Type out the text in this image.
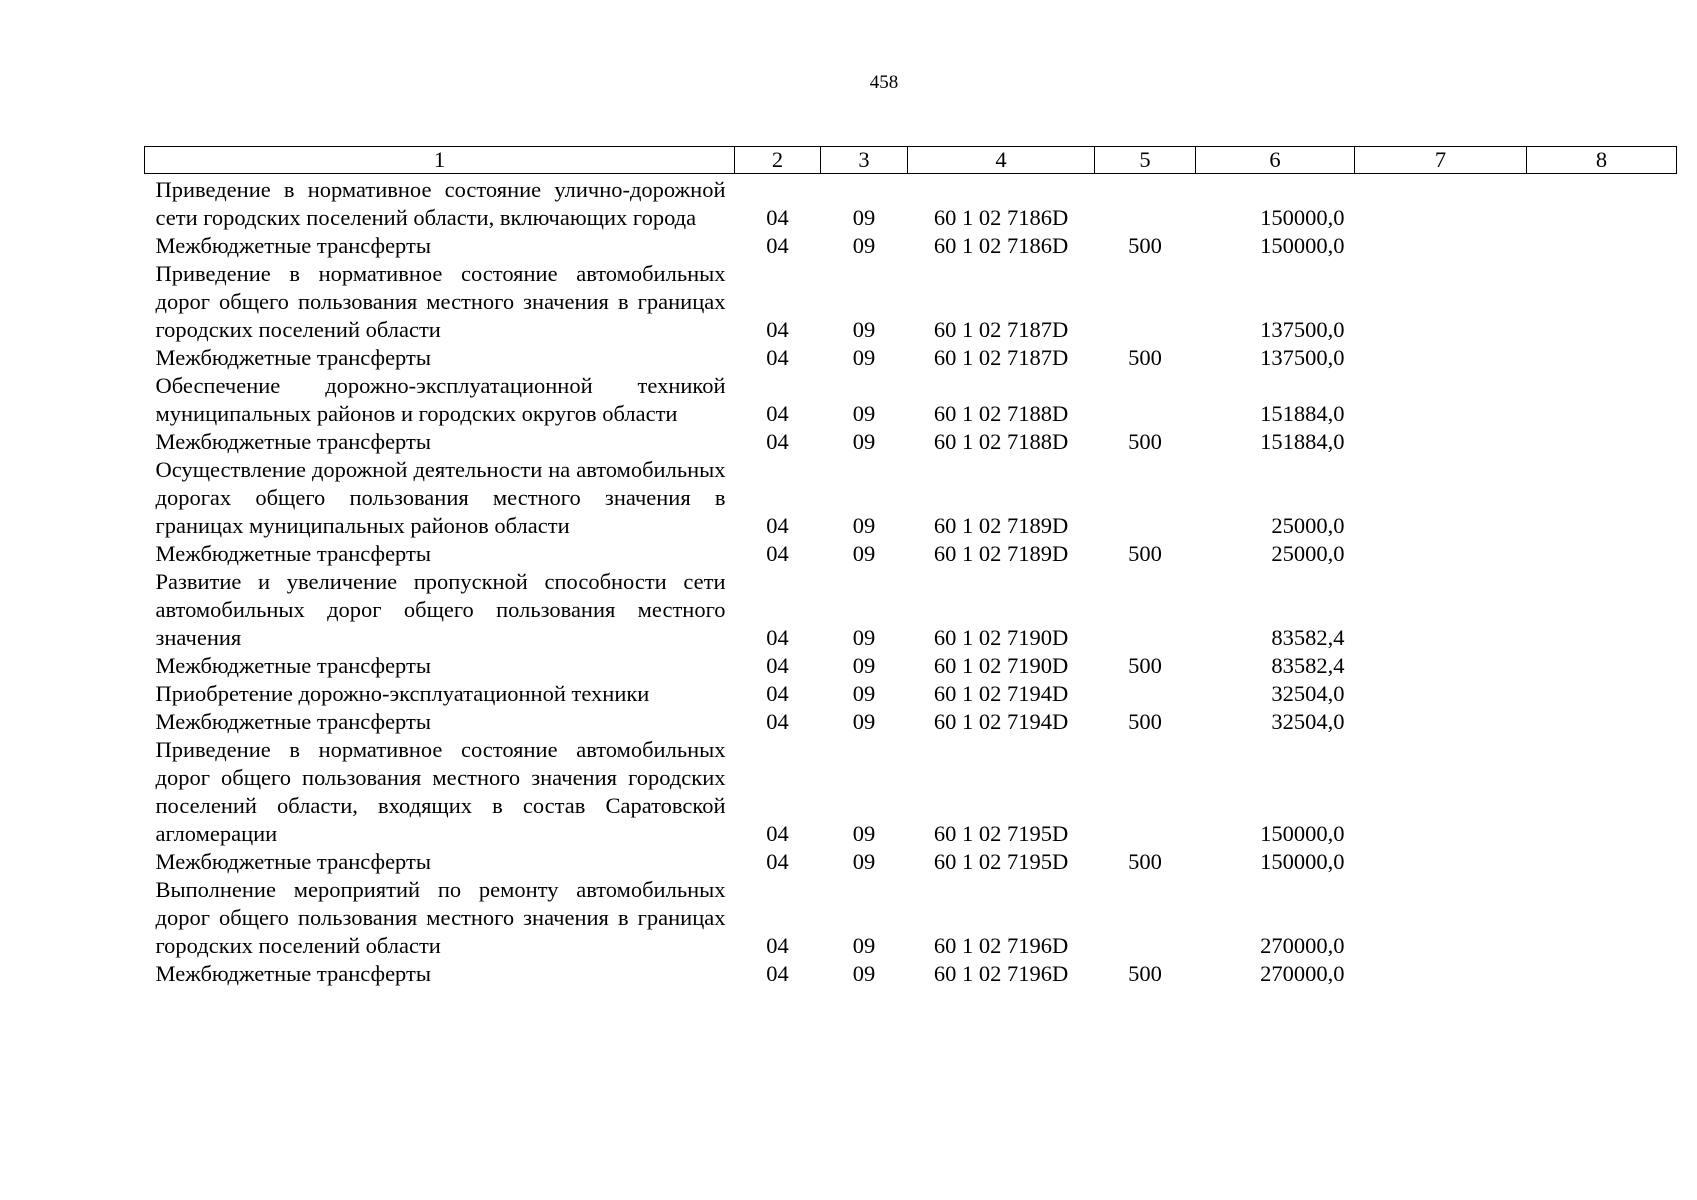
458
1	2	3	4	5	6	7	8
Приведение в нормативное состояние улично-дорожной сети городских поселений области, включающих города	04	09	60 1 02 7186D		150000,0		
Межбюджетные трансферты	04	09	60 1 02 7186D	500	150000,0		
Приведение в нормативное состояние автомобильных дорог общего пользования местного значения в границах городских поселений области	04	09	60 1 02 7187D		137500,0		
Межбюджетные трансферты	04	09	60 1 02 7187D	500	137500,0		
Обеспечение дорожно-эксплуатационной техникой муниципальных районов и городских округов области	04	09	60 1 02 7188D		151884,0		
Межбюджетные трансферты	04	09	60 1 02 7188D	500	151884,0		
Осуществление дорожной деятельности на автомобильных дорогах общего пользования местного значения в границах муниципальных районов области	04	09	60 1 02 7189D		25000,0		
Межбюджетные трансферты	04	09	60 1 02 7189D	500	25000,0		
Развитие и увеличение пропускной способности сети автомобильных дорог общего пользования местного значения	04	09	60 1 02 7190D		83582,4		
Межбюджетные трансферты	04	09	60 1 02 7190D	500	83582,4		
Приобретение дорожно-эксплуатационной техники	04	09	60 1 02 7194D		32504,0		
Межбюджетные трансферты	04	09	60 1 02 7194D	500	32504,0		
Приведение в нормативное состояние автомобильных дорог общего пользования местного значения городских поселений области, входящих в состав Саратовской агломерации	04	09	60 1 02 7195D		150000,0		
Межбюджетные трансферты	04	09	60 1 02 7195D	500	150000,0		
Выполнение мероприятий по ремонту автомобильных дорог общего пользования местного значения в границах городских поселений области	04	09	60 1 02 7196D		270000,0		
Межбюджетные трансферты	04	09	60 1 02 7196D	500	270000,0		
